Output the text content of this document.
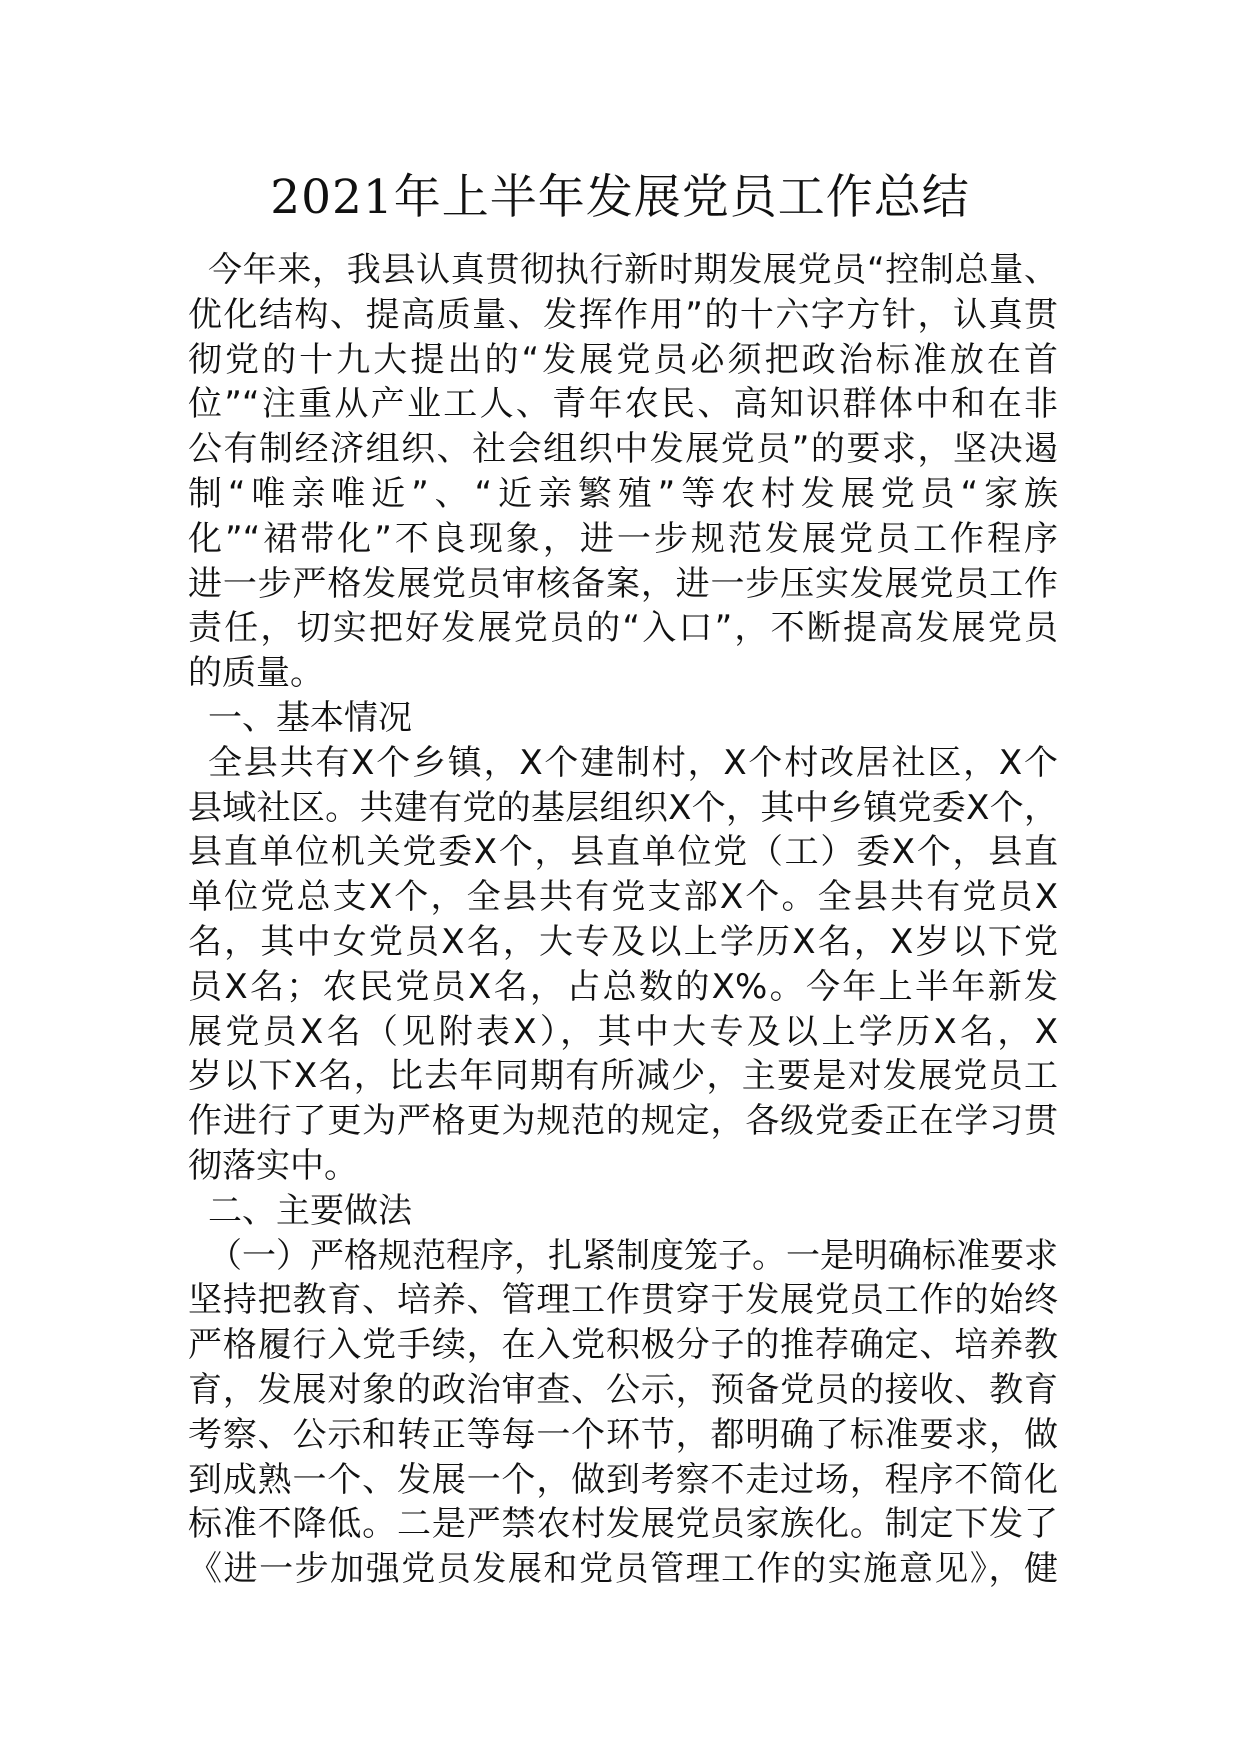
2021年上半年发展党员工作总结
今年来，我县认真贯彻执行新时期发展党员“控制总量、
优化结构、提高质量、发挥作用”的十六字方针，认真贯
彻党的十九大提出的“发展党员必须把政治标准放在首
位”“注重从产业工人、青年农民、高知识群体中和在非
公有制经济组织、社会组织中发展党员”的要求，坚决遏
制“唯亲唯近”、“近亲繁殖”等农村发展党员“家族
化”“裙带化”不良现象，进一步规范发展党员工作程序
进一步严格发展党员审核备案，进一步压实发展党员工作
责任，切实把好发展党员的“入口”，不断提高发展党员
的质量。
一、基本情况
全县共有X个乡镇，X个建制村，X个村改居社区，X个
县域社区。共建有党的基层组织X个，其中乡镇党委X个，
县直单位机关党委X个，县直单位党（工）委X个，县直
单位党总支X个，全县共有党支部X个。全县共有党员X
名，其中女党员X名，大专及以上学历X名，X岁以下党
员X名；农民党员X名，占总数的X%。今年上半年新发
展党员X名（见附表X），其中大专及以上学历X名，X
岁以下X名，比去年同期有所减少，主要是对发展党员工
作进行了更为严格更为规范的规定，各级党委正在学习贯
彻落实中。
二、主要做法
（一）严格规范程序，扎紧制度笼子。一是明确标准要求
坚持把教育、培养、管理工作贯穿于发展党员工作的始终
严格履行入党手续，在入党积极分子的推荐确定、培养教
育，发展对象的政治审查、公示，预备党员的接收、教育
考察、公示和转正等每一个环节，都明确了标准要求，做
到成熟一个、发展一个，做到考察不走过场，程序不简化
标准不降低。二是严禁农村发展党员家族化。制定下发了
《进一步加强党员发展和党员管理工作的实施意见》，健
